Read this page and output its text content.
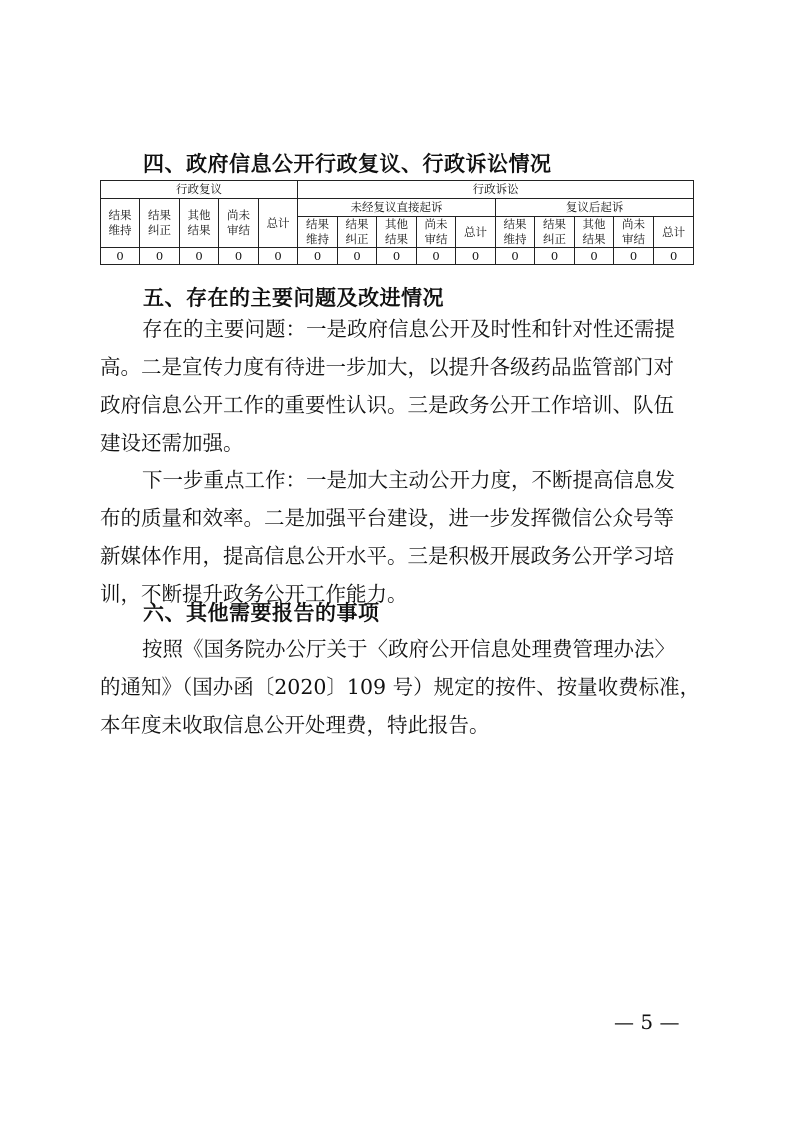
四、政府信息公开行政复议、行政诉讼情况
行政复议					行政诉讼									
结果维持	结果纠正	其他结果	尚未审结	总计	未经复议直接起诉					复议后起诉				
					结果维持	结果纠正	其他结果	尚未审结	总计	结果维持	结果纠正	其他结果	尚未审结	总计
0	0	0	0	0	0	0	0	0	0	0	0	0	0	0
五、存在的主要问题及改进情况
存在的主要问题：一是政府信息公开及时性和针对性还需提
高。二是宣传力度有待进一步加大，以提升各级药品监管部门对
政府信息公开工作的重要性认识。三是政务公开工作培训、队伍
建设还需加强。
下一步重点工作：一是加大主动公开力度，不断提高信息发
布的质量和效率。二是加强平台建设，进一步发挥微信公众号等
新媒体作用，提高信息公开水平。三是积极开展政务公开学习培
训，不断提升政务公开工作能力。
六、其他需要报告的事项
按照《国务院办公厅关于〈政府公开信息处理费管理办法〉
的通知》（国办函〔2020〕109 号）规定的按件、按量收费标准，
本年度未收取信息公开处理费，特此报告。
— 5 —
